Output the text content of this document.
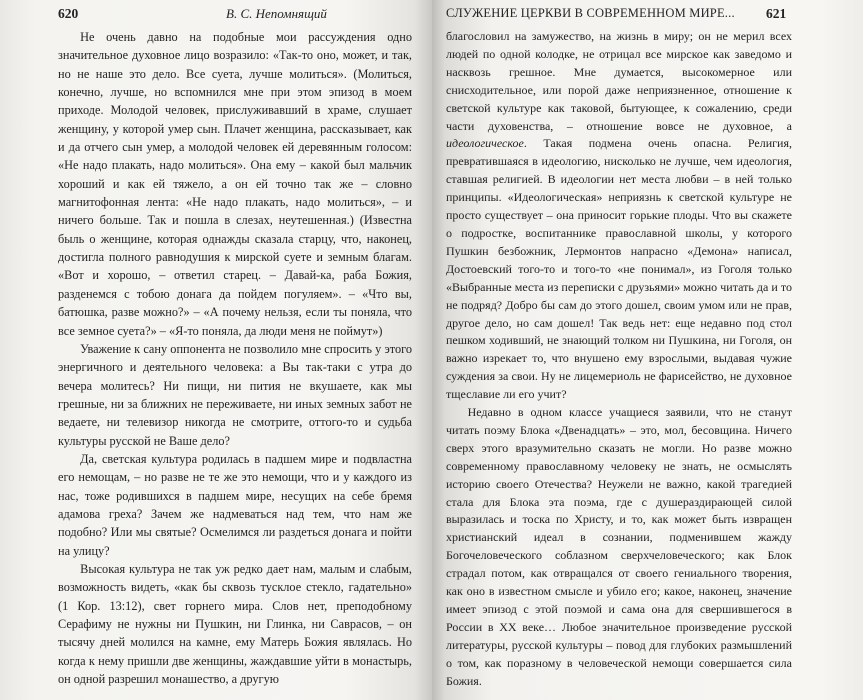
620	В. С. Непомнящий

Не очень давно на подобные мои рассуждения одно значительное духовное лицо возразило: «Так-то оно, может, и так, но не наше это дело. Все суета, лучше молиться». (Молиться, конечно, лучше, но вспомнился мне при этом эпизод в моем приходе. Молодой человек, прислуживавший в храме, слушает женщину, у которой умер сын. Плачет женщина, рассказывает, как и да отчего сын умер, а молодой человек ей деревянным голосом: «Не надо плакать, надо молиться». Она ему – какой был мальчик хороший и как ей тяжело, а он ей точно так же – словно магнитофонная лента: «Не надо плакать, надо молиться», – и ничего больше. Так и пошла в слезах, неутешенная.) (Известна быль о женщине, которая однажды сказала старцу, что, наконец, достигла полного равнодушия к мирской суете и земным благам. «Вот и хорошо, – ответил старец. – Давай-ка, раба Божия, разденемся с тобою донага да пойдем погуляем». – «Что вы, батюшка, разве можно?» – «А почему нельзя, если ты поняла, что все земное суета?» – «Я-то поняла, да люди меня не поймут»)

Уважение к сану оппонента не позволило мне спросить у этого энергичного и деятельного человека: а Вы так-таки с утра до вечера молитесь? Ни пищи, ни пития не вкушаете, как мы грешные, ни за ближних не переживаете, ни иных земных забот не ведаете, ни телевизор никогда не смотрите, оттого-то и судьба культуры русской не Ваше дело?

Да, светская культура родилась в падшем мире и подвластна его немощам, – но разве не те же это немощи, что и у каждого из нас, тоже родившихся в падшем мире, несущих на себе бремя адамова греха? Зачем же надмеваться над тем, что нам же подобно? Или мы святые? Осмелимся ли раздеться донага и пойти на улицу?

Высокая культура не так уж редко дает нам, малым и слабым, возможность видеть, «как бы сквозь тусклое стекло, гадательно» (1 Кор. 13:12), свет горнего мира. Слов нет, преподобному Серафиму не нужны ни Пушкин, ни Глинка, ни Саврасов, – он тысячу дней молился на камне, ему Матерь Божия являлась. Но когда к нему пришли две женщины, жаждавшие уйти в монастырь, он одной разрешил монашество, а другую

СЛУЖЕНИЕ ЦЕРКВИ В СОВРЕМЕННОМ МИРЕ... 621

благословил на замужество, на жизнь в миру; он не мерил всех людей по одной колодке, не отрицал все мирское как заведомо и насквозь грешное. Мне думается, высокомерное или снисходительное, или порой даже неприязненное, отношение к светской культуре как таковой, бытующее, к сожалению, среди части духовенства, – отношение вовсе не духовное, а идеологическое. Такая подмена очень опасна. Религия, превратившаяся в идеологию, нисколько не лучше, чем идеология, ставшая религией. В идеологии нет места любви – в ней только принципы. «Идеологическая» неприязнь к светской культуре не просто существует – она приносит горькие плоды. Что вы скажете о подростке, воспитаннике православной школы, у которого Пушкин безбожник, Лермонтов напрасно «Демона» написал, Достоевский того-то и того-то «не понимал», из Гоголя только «Выбранные места из переписки с друзьями» можно читать да и то не подряд? Добро бы сам до этого дошел, своим умом или не прав, другое дело, но сам дошел! Так ведь нет: еще недавно под стол пешком ходивший, не знающий толком ни Пушкина, ни Гоголя, он важно изрекает то, что внушено ему взрослыми, выдавая чужие суждения за свои. Ну не лицемериоль не фарисейство, не духовное тщеславие ли его учит?

Недавно в одном классе учащиеся заявили, что не станут читать поэму Блока «Двенадцать» – это, мол, бесовщина. Ничего сверх этого вразумительно сказать не могли. Но разве можно современному православному человеку не знать, не осмыслять историю своего Отечества? Неужели не важно, какой трагедией стала для Блока эта поэма, где с душераздирающей силой выразилась и тоска по Христу, и то, как может быть извращен христианский идеал в сознании, подменившем жажду Богочеловеческого соблазном сверхчеловеческого; как Блок страдал потом, как отвращался от своего гениального творения, как оно в известном смысле и убило его; какое, наконец, значение имеет эпизод с этой поэмой и сама она для свершившегося в России в XX веке… Любое значительное произведение русской литературы, русской культуры – повод для глубоких размышлений о том, как поразному в человеческой немощи совершается сила Божия.
